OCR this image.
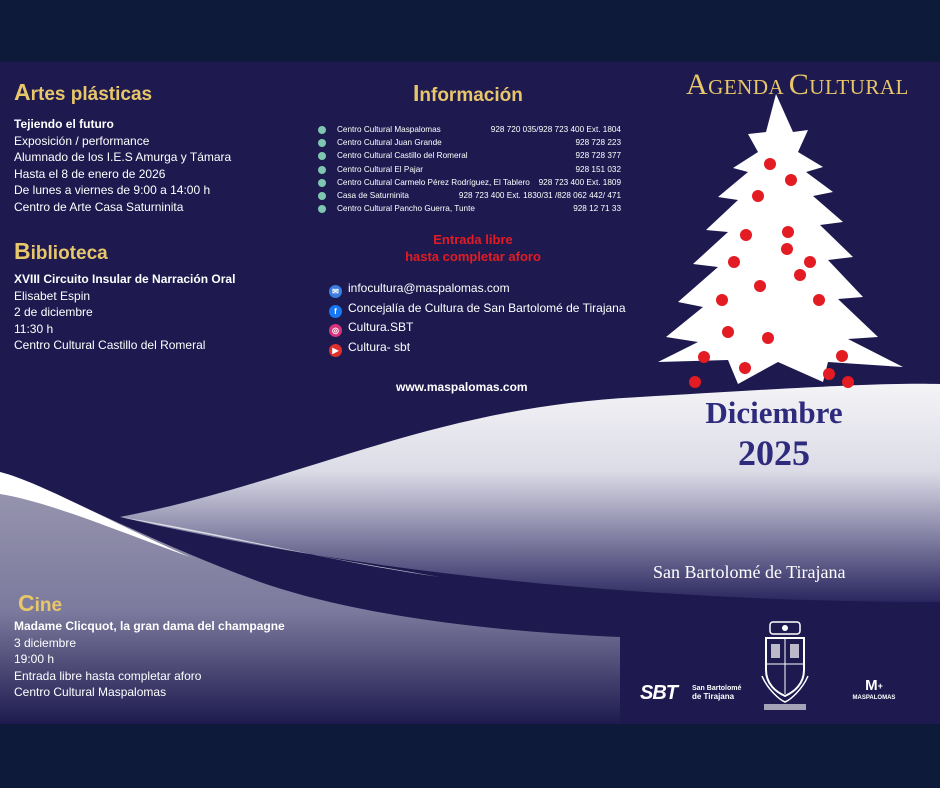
Artes plásticas
Tejiendo el futuro
Exposición / performance
Alumnado de los I.E.S Amurga y Támara
Hasta el 8 de enero de 2026
De lunes a viernes de 9:00 a 14:00 h
Centro de Arte Casa Saturninita
Biblioteca
XVIII Circuito Insular de Narración Oral
Elisabet Espin
2 de diciembre
11:30 h
Centro Cultural Castillo del Romeral
Cine
Madame Clicquot, la gran dama del champagne
3 diciembre
19:00 h
Entrada libre hasta completar aforo
Centro Cultural Maspalomas
Información
Centro Cultural Maspalomas	928 720 035/928 723 400 Ext. 1804
Centro Cultural Juan Grande	928 728 223
Centro Cultural Castillo del Romeral	928 728 377
Centro Cultural El Pajar	928 151 032
Centro Cultural Carmelo Pérez Rodríguez, El Tablero 928 723 400 Ext. 1809
Casa de Saturninita	928 723 400 Ext. 1830/31 /828 062 442/ 471
Centro Cultural Pancho Guerra, Tunte	928 12 71 33
Entrada libre
hasta completar aforo
✉ infocultura@maspalomas.com
f Concejalía de Cultura de San Bartolomé de Tirajana
◎ Cultura.SBT
▶ Cultura- sbt
www.maspalomas.com
AGENDA CULTURAL
Diciembre
2025
San Bartolomé de Tirajana
SBT San Bartolomé
de Tirajana
M+
MASPALOMAS
